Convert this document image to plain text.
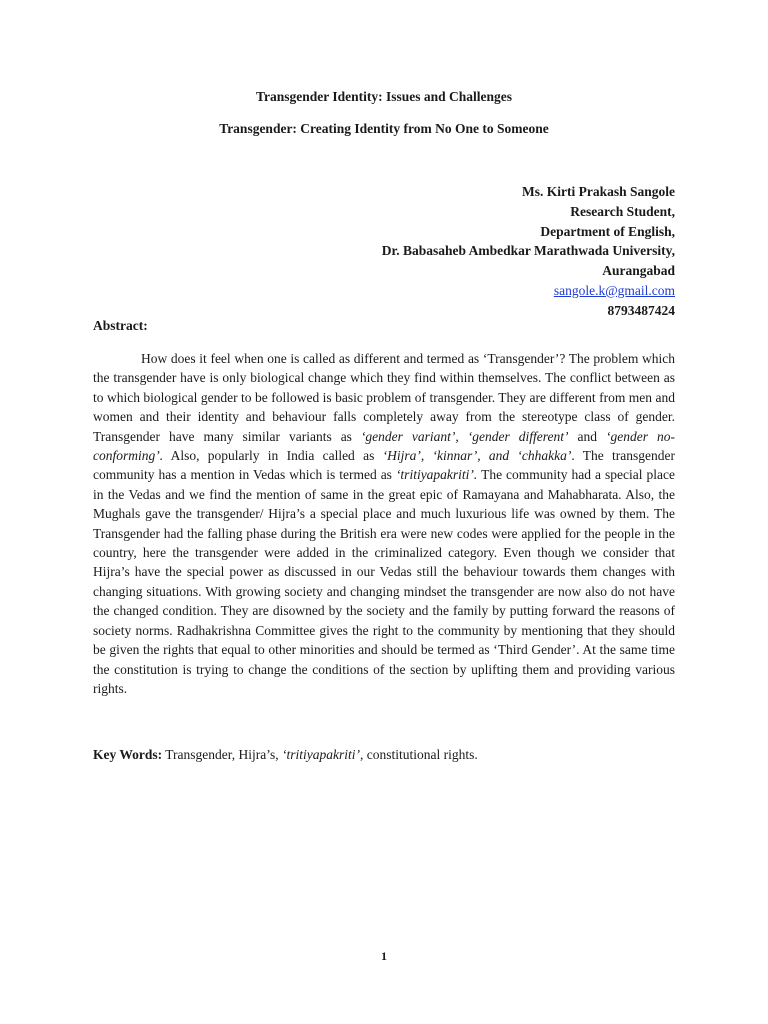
Transgender Identity: Issues and Challenges
Transgender: Creating Identity from No One to Someone
Ms. Kirti Prakash Sangole
Research Student,
Department of English,
Dr. Babasaheb Ambedkar Marathwada University,
Aurangabad
sangole.k@gmail.com
8793487424
Abstract:

How does it feel when one is called as different and termed as ‘Transgender’? The problem which the transgender have is only biological change which they find within themselves. The conflict between as to which biological gender to be followed is basic problem of transgender. They are different from men and women and their identity and behaviour falls completely away from the stereotype class of gender. Transgender have many similar variants as ‘gender variant’, ‘gender different’ and ‘gender no-conforming’. Also, popularly in India called as ‘Hijra’, ‘kinnar’, and ‘chhakka’. The transgender community has a mention in Vedas which is termed as ‘tritiyapakriti’. The community had a special place in the Vedas and we find the mention of same in the great epic of Ramayana and Mahabharata. Also, the Mughals gave the transgender/ Hijra’s a special place and much luxurious life was owned by them. The Transgender had the falling phase during the British era were new codes were applied for the people in the country, here the transgender were added in the criminalized category. Even though we consider that Hijra’s have the special power as discussed in our Vedas still the behaviour towards them changes with changing situations. With growing society and changing mindset the transgender are now also do not have the changed condition. They are disowned by the society and the family by putting forward the reasons of society norms. Radhakrishna Committee gives the right to the community by mentioning that they should be given the rights that equal to other minorities and should be termed as ‘Third Gender’. At the same time the constitution is trying to change the conditions of the section by uplifting them and providing various rights.

Key Words: Transgender, Hijra’s, ‘tritiyapakriti’, constitutional rights.

1
